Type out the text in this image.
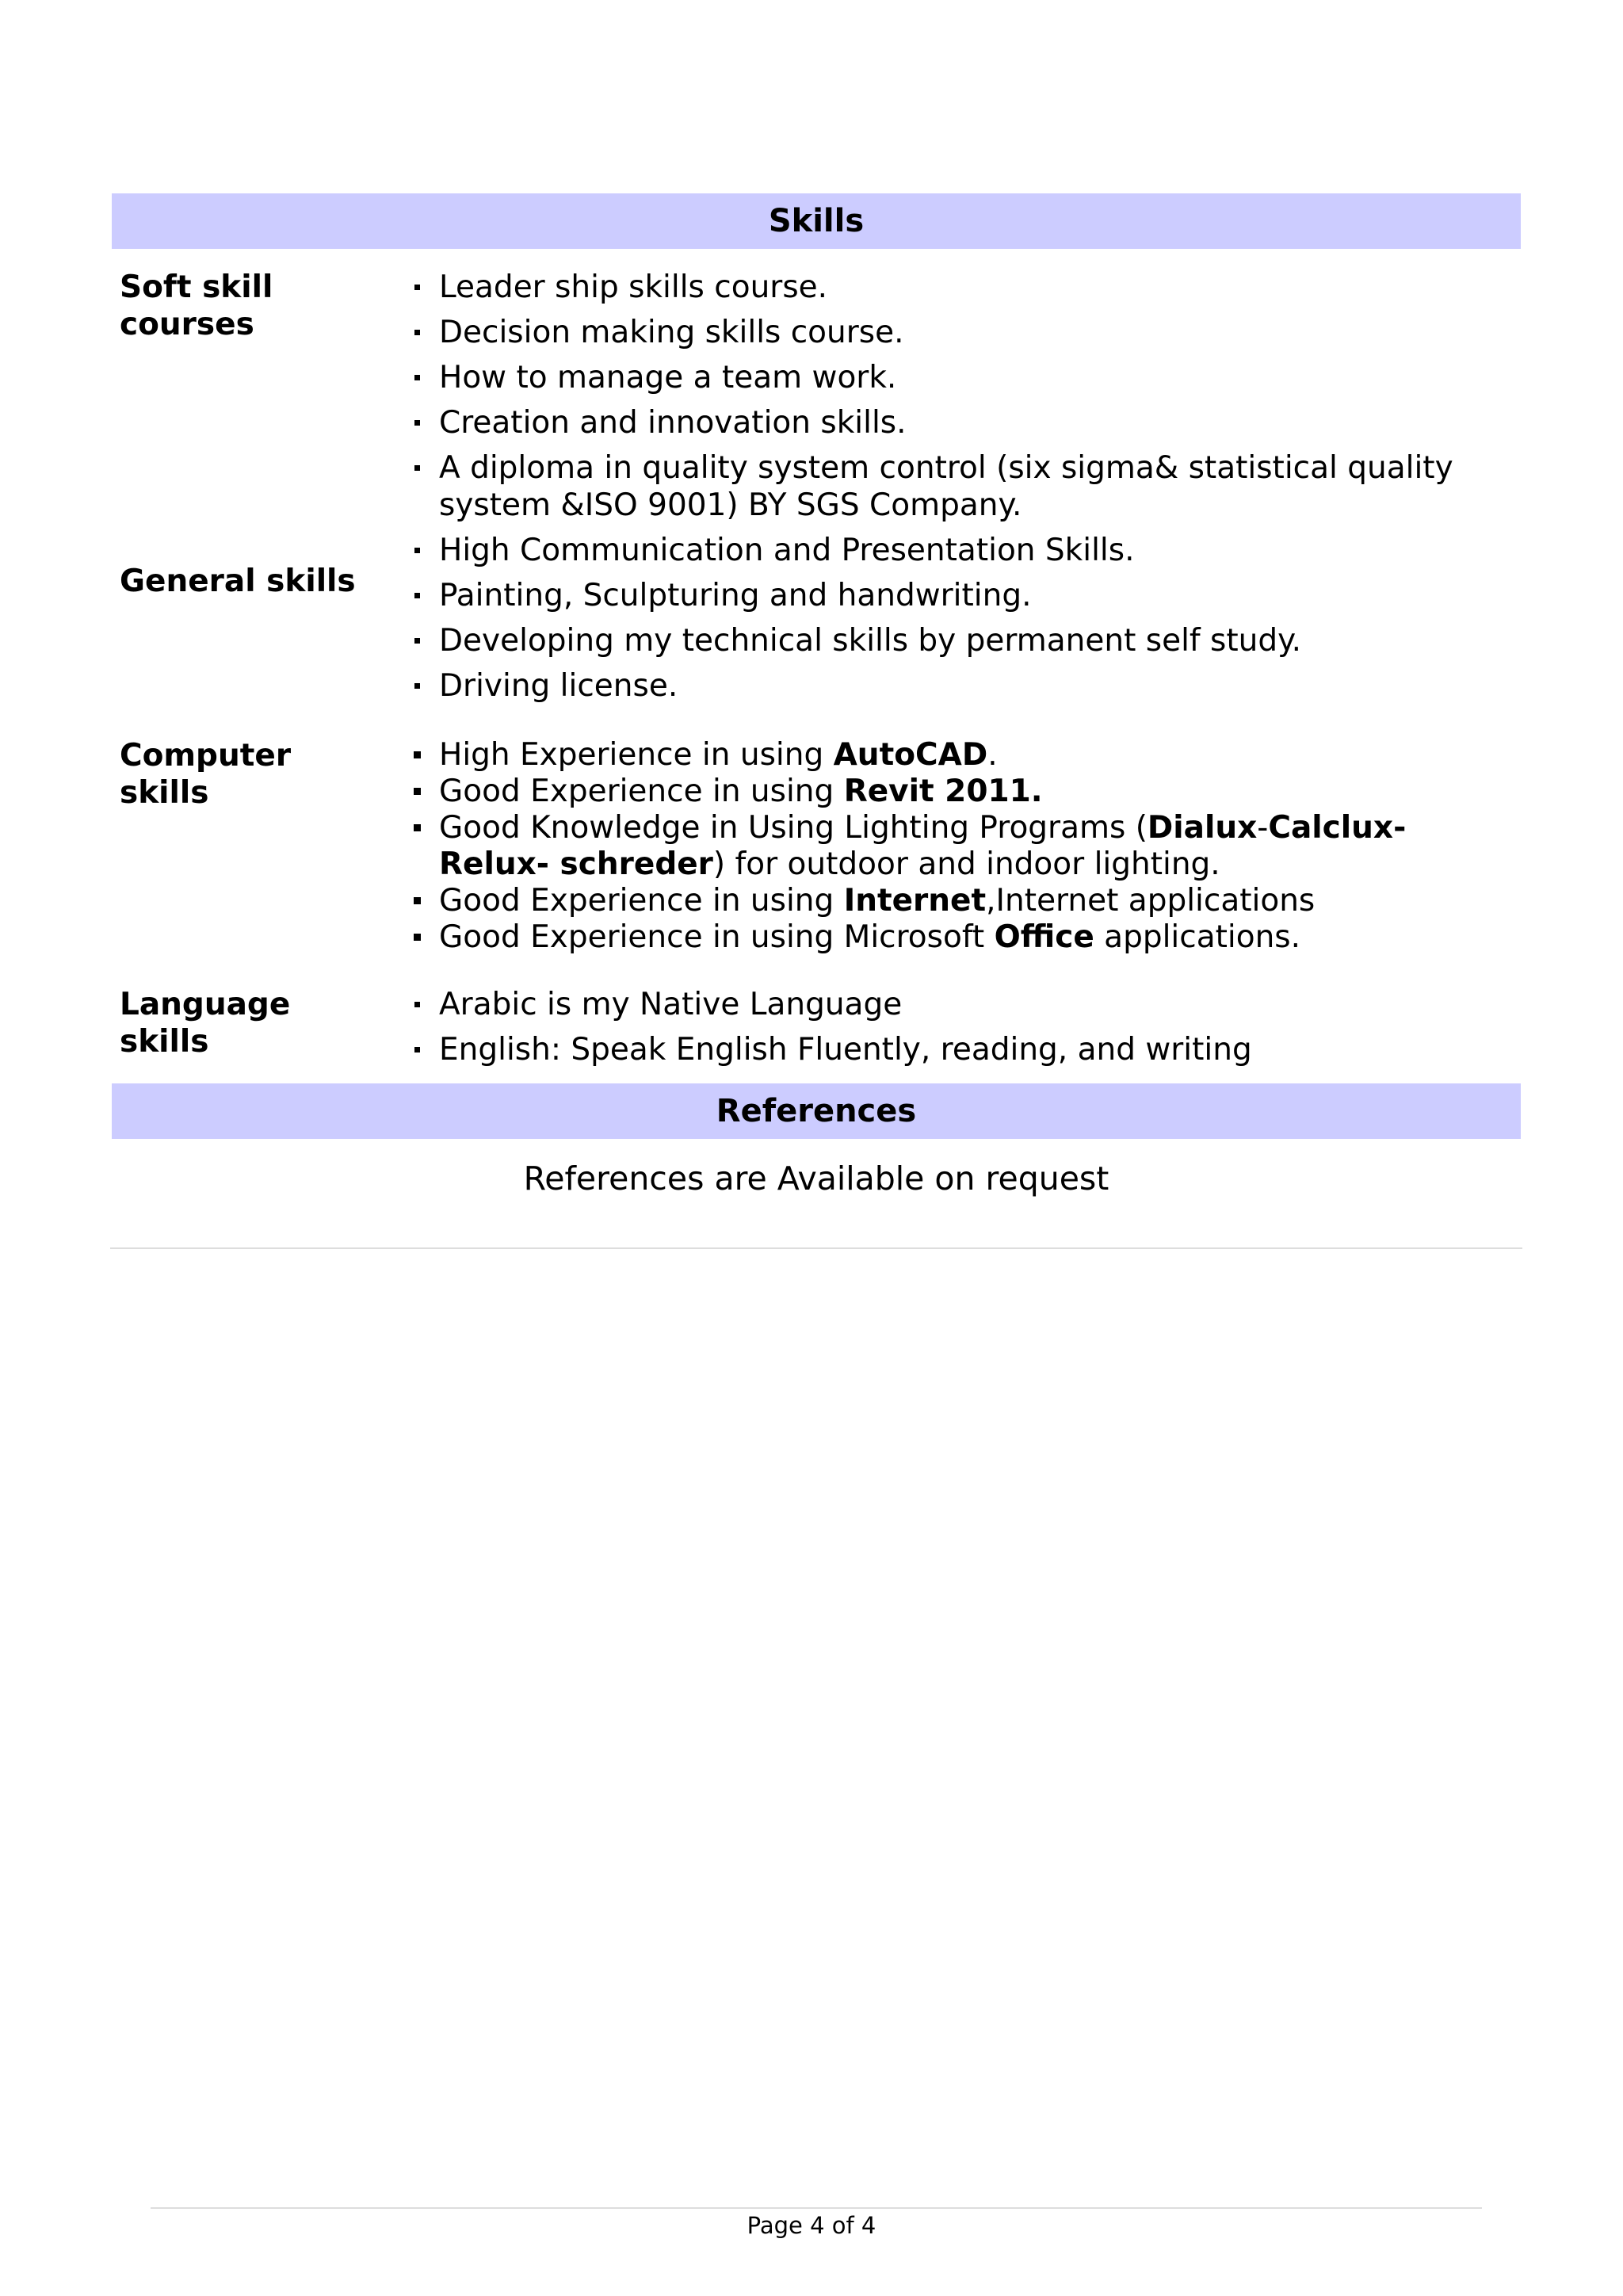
Skills
Soft skill courses
General skills
Computer skills
Language skills
Leader ship skills course.
Decision making skills course.
How to manage a team work.
Creation and innovation skills.
A diploma in quality system control (six sigma& statistical quality system &ISO 9001) BY SGS Company.
High Communication and Presentation Skills.
Painting, Sculpturing and handwriting.
Developing my technical skills by permanent self study.
Driving license.
High Experience in using AutoCAD.
Good Experience in using Revit 2011.
Good Knowledge in Using Lighting Programs (Dialux-Calclux-Relux- schreder) for outdoor and indoor lighting.
Good Experience in using Internet,Internet applications
Good Experience in using Microsoft Office applications.
Arabic is my Native Language
English: Speak English Fluently, reading, and writing
References
References are Available on request
Page 4 of 4
